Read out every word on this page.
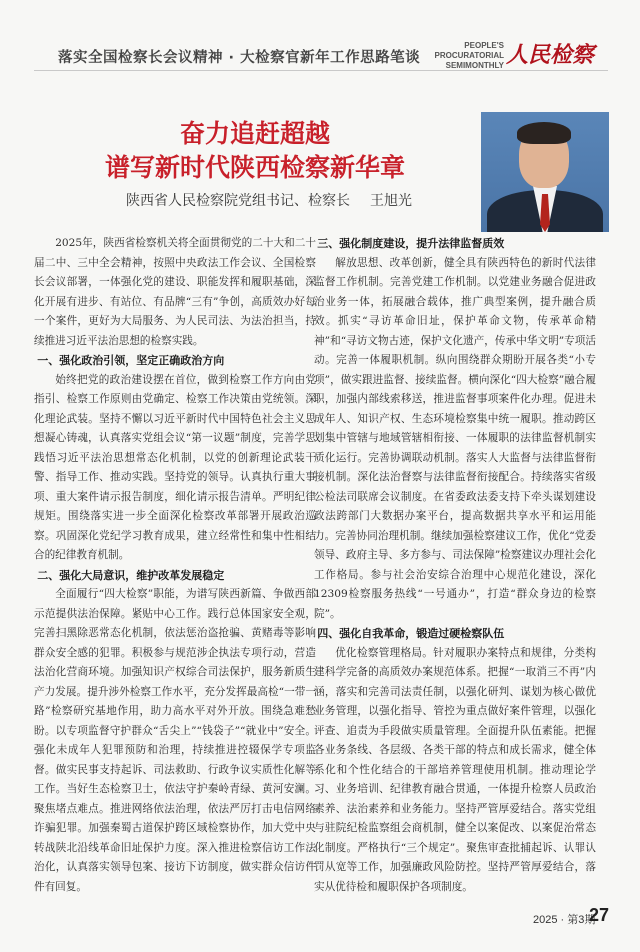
落实全国检察长会议精神 · 大检察官新年工作思路笔谈
PEOPLE'S PROCURATORIAL
SEMIMONTHLY 人民检察
奋力追赶超越
谱写新时代陕西检察新华章
陕西省人民检察院党组书记、检察长 王旭光

2025年，陕西省检察机关将全面贯彻党的二十大和二十届二中、三中全会精神，按照中央政法工作会议、全国检察长会议部署，一体强化党的建设、职能发挥和履职基础，深化开展有进步、有站位、有品牌“三有”争创，高质效办好每一个案件，更好为大局服务、为人民司法、为法治担当，持续推进习近平法治思想的检察实践。

一、强化政治引领，坚定正确政治方向

始终把党的政治建设摆在首位，做到检察工作方向由党指引、检察工作原则由党确定、检察工作决策由党统领。深化理论武装。坚持不懈以习近平新时代中国特色社会主义思想凝心铸魂，认真落实党组会议“第一议题”制度，完善学思践悟习近平法治思想常态化机制，以党的创新理论武装干警、指导工作、推动实践。坚持党的领导。认真执行重大事项、重大案件请示报告制度，细化请示报告清单。严明纪律规矩。围绕落实进一步全面深化检察改革部署开展政治巡察。巩固深化党纪学习教育成果，建立经常性和集中性相结合的纪律教育机制。

二、强化大局意识，维护改革发展稳定

全面履行“四大检察”职能，为谱写陕西新篇、争做西部示范提供法治保障。紧贴中心工作。践行总体国家安全观，完善扫黑除恶常态化机制，依法惩治盗抢骗、黄赌毒等影响群众安全感的犯罪。积极参与规范涉企执法专项行动，营造法治化营商环境。加强知识产权综合司法保护，服务新质生产力发展。提升涉外检察工作水平，充分发挥最高检“一带一路”检察研究基地作用，助力高水平对外开放。围绕急难愁盼。以专项监督守护群众“舌尖上”“钱袋子”“就业中”安全。强化未成年人犯罪预防和治理，持续推进控辍保学专项监督。做实民事支持起诉、司法救助、行政争议实质性化解等工作。当好生态检察卫士，依法守护秦岭青绿、黄河安澜。聚焦堵点难点。推进网络依法治理，依法严厉打击电信网络诈骗犯罪。加强秦蜀古道保护跨区域检察协作，加大党中央转战陕北沿线革命旧址保护力度。深入推进检察信访工作法治化，认真落实领导包案、接访下访制度，做实群众信访件件有回复。

三、强化制度建设，提升法律监督质效

解放思想、改革创新，健全具有陕西特色的新时代法律监督工作机制。完善党建工作机制。以党建业务融合促进政治业务一体，拓展融合载体，推广典型案例，提升融合质效。抓实“寻访革命旧址，保护革命文物，传承革命精神”和“寻访文物古迹，保护文化遗产，传承中华文明”专项活动。完善一体履职机制。纵向围绕群众期盼开展各类“小专项”，做实跟进监督、接续监督。横向深化“四大检察”融合履职，加强内部线索移送，推进监督事项案件化办理。促进未成年人、知识产权、生态环境检察集中统一履职。推动跨区划集中管辖与地域管辖相衔接、一体履职的法律监督机制实质化运行。完善协调联动机制。落实人大监督与法律监督衔接机制。深化法治督察与法律监督衔接配合。持续落实省级公检法司联席会议制度。在省委政法委支持下牵头谋划建设政法跨部门大数据办案平台，提高数据共享水平和运用能力。完善协同治理机制。继续加强检察建议工作，优化“党委领导、政府主导、多方参与、司法保障”检察建议办理社会化工作格局。参与社会治安综合治理中心规范化建设，深化12309检察服务热线“一号通办”，打造“群众身边的检察院”。

四、强化自我革命，锻造过硬检察队伍

优化检察管理格局。针对履职办案特点和规律，分类构建科学完备的高质效办案规范体系。把握“一取消三不再”内涵，落实和完善司法责任制，以强化研判、谋划为核心做优业务管理，以强化指导、管控为重点做好案件管理，以强化评查、追责为手段做实质量管理。全面提升队伍素能。把握各业务条线、各层级、各类干部的特点和成长需求，健全体系化和个性化结合的干部培养管理使用机制。推动理论学习、业务培训、纪律教育融合贯通，一体提升检察人员政治素养、法治素养和业务能力。坚持严管厚爱结合。落实党组与驻院纪检监察组会商机制，健全以案促改、以案促治常态化制度。严格执行“三个规定”。聚焦审查批捕起诉、认罪认罚从宽等工作，加强廉政风险防控。坚持严管厚爱结合，落实从优待检和履职保护各项制度。

2025 · 第3期
27
